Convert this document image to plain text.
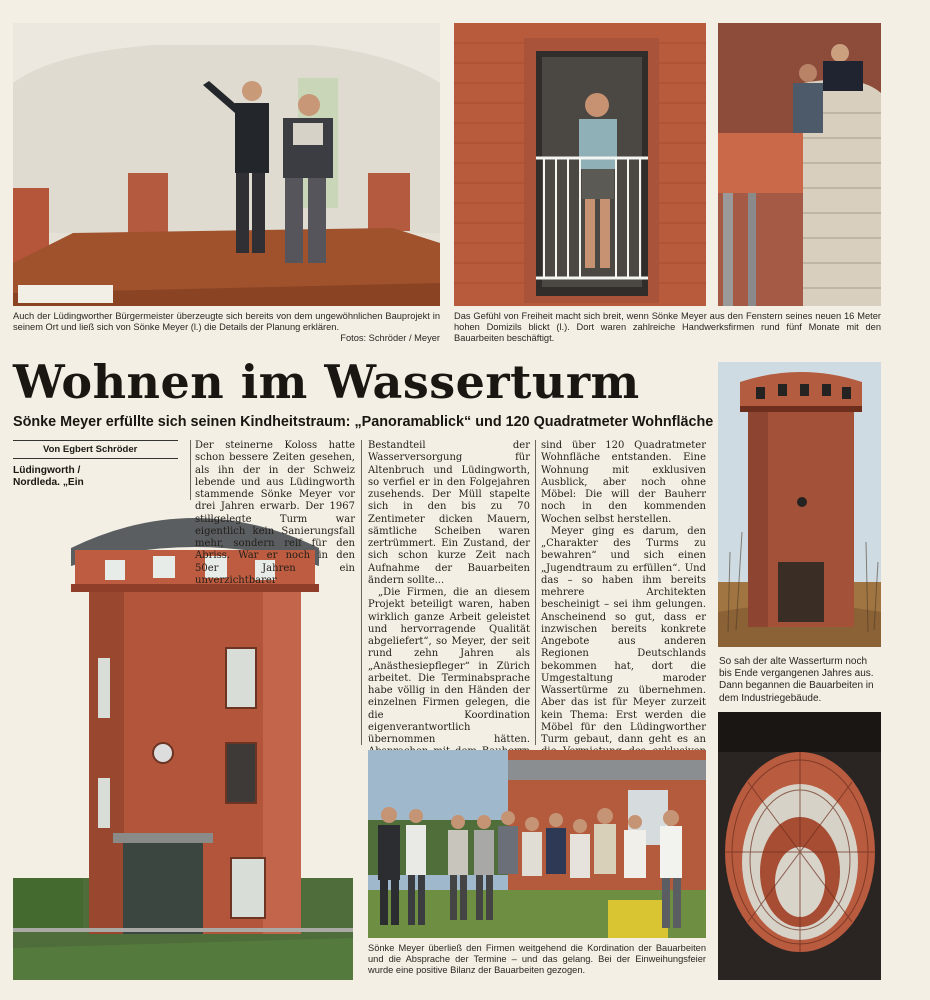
Fotos: Schröder / Meyer
Auch der Lüdingworther Bürgermeister überzeugte sich bereits von dem ungewöhnlichen Bauprojekt in seinem Ort und ließ sich von Sönke Meyer (l.) die Details der Planung erklären.
Das Gefühl von Freiheit macht sich breit, wenn Sönke Meyer aus den Fenstern seines neuen 16 Meter hohen Domizils blickt (l.). Dort waren zahlreiche Handwerksfirmen rund fünf Monate mit den Bauarbeiten beschäftigt.
Wohnen im Wasserturm
Sönke Meyer erfüllte sich seinen Kindheitstraum: „Panoramablick“ und 120 Quadratmeter Wohnfläche
Von Egbert Schröder
Lüdingworth / Nordleda. „Ein

Der steinerne Koloss hatte schon bessere Zeiten gesehen, als ihn der in der Schweiz lebende und aus Lüdingworth stammende Sönke Meyer vor drei Jahren erwarb. Der 1967 stillgelegte Turm war eigentlich kein Sanierungsfall mehr, sondern reif für den Abriss. War er noch in den 50er Jahren ein unverzichtbarer

Bestandteil der Wasserversorgung für Altenbruch und Lüdingworth, so verfiel er in den Folgejahren zusehends. Der Müll stapelte sich in den bis zu 70 Zentimeter dicken Mauern, sämtliche Scheiben waren zertrümmert. Ein Zustand, der sich schon kurze Zeit nach Aufnahme der Bauarbeiten ändern sollte...

„Die Firmen, die an diesem Projekt beteiligt waren, haben wirklich ganze Arbeit geleistet und hervorragende Qualität abgeliefert“, so Meyer, der seit rund zehn Jahren als „Anästhesiepfleger“ in Zürich arbeitet. Die Terminabsprache habe völlig in den Händen der einzelnen Firmen gelegen, die die Koordination eigenverantwortlich übernommen hätten.

sind über 120 Quadratmeter Wohnfläche entstanden. Eine Wohnung mit exklusiven Ausblick, aber noch ohne Möbel: Die will der Bauherr noch in den kommenden Wochen selbst herstellen.

Meyer ging es darum, den „Charakter des Turms zu bewahren“ und sich einen „Jugendtraum zu erfüllen“. Und das – so haben ihm bereits mehrere Architekten bescheinigt – sei ihm gelungen. Anscheinend so gut, dass er inzwischen bereits konkrete Angebote aus anderen Regionen Deutschlands bekommen hat, dort die Umgestaltung maroder Wassertürme zu übernehmen. Aber das ist für Meyer zurzeit kein Thema: Erst werden die Möbel für den Lüdingworther Turm gebaut, dann geht es an

So sah der alte Wasserturm noch bis Ende vergangenen Jahres aus. Dann begannen die Bauarbeiten in dem Industriegebäude.
Sönke Meyer überließ den Firmen weitgehend die Kordination der Bauarbeiten und die Absprache der Termine – und das gelang. Bei der Einweihungsfeier wurde eine positive Bilanz der Bauarbeiten gezogen.
